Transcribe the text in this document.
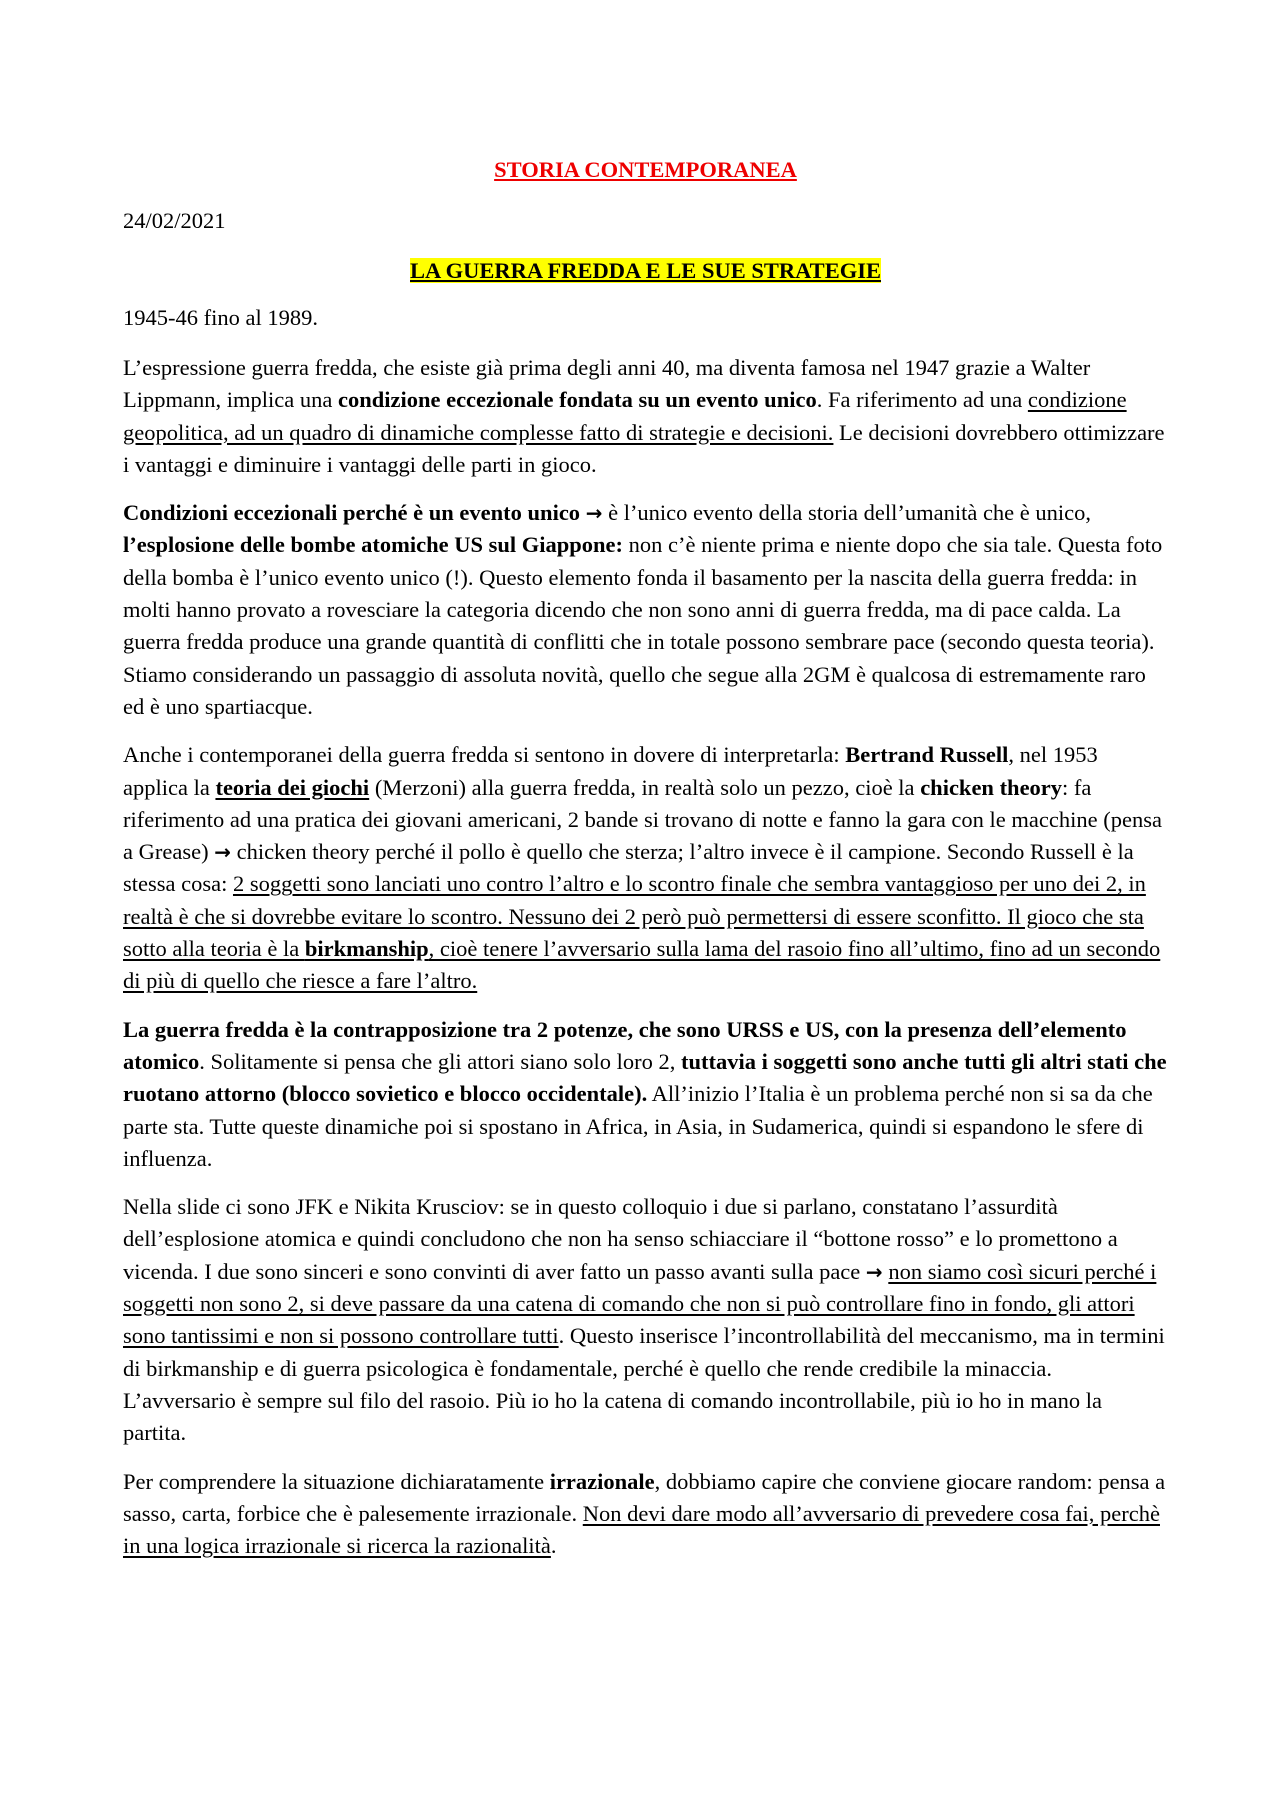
STORIA CONTEMPORANEA
24/02/2021
LA GUERRA FREDDA E LE SUE STRATEGIE
1945-46 fino al 1989.

L’espressione guerra fredda, che esiste già prima degli anni 40, ma diventa famosa nel 1947 grazie a Walter Lippmann, implica una condizione eccezionale fondata su un evento unico. Fa riferimento ad una condizione geopolitica, ad un quadro di dinamiche complesse fatto di strategie e decisioni. Le decisioni dovrebbero ottimizzare i vantaggi e diminuire i vantaggi delle parti in gioco.

Condizioni eccezionali perché è un evento unico → è l’unico evento della storia dell’umanità che è unico, l’esplosione delle bombe atomiche US sul Giappone: non c’è niente prima e niente dopo che sia tale. Questa foto della bomba è l’unico evento unico (!). Questo elemento fonda il basamento per la nascita della guerra fredda: in molti hanno provato a rovesciare la categoria dicendo che non sono anni di guerra fredda, ma di pace calda. La guerra fredda produce una grande quantità di conflitti che in totale possono sembrare pace (secondo questa teoria). Stiamo considerando un passaggio di assoluta novità, quello che segue alla 2GM è qualcosa di estremamente raro ed è uno spartiacque.

Anche i contemporanei della guerra fredda si sentono in dovere di interpretarla: Bertrand Russell, nel 1953 applica la teoria dei giochi (Merzoni) alla guerra fredda, in realtà solo un pezzo, cioè la chicken theory: fa riferimento ad una pratica dei giovani americani, 2 bande si trovano di notte e fanno la gara con le macchine (pensa a Grease) → chicken theory perché il pollo è quello che sterza; l’altro invece è il campione. Secondo Russell è la stessa cosa: 2 soggetti sono lanciati uno contro l’altro e lo scontro finale che sembra vantaggioso per uno dei 2, in realtà è che si dovrebbe evitare lo scontro. Nessuno dei 2 però può permettersi di essere sconfitto. Il gioco che sta sotto alla teoria è la birkmanship, cioè tenere l’avversario sulla lama del rasoio fino all’ultimo, fino ad un secondo di più di quello che riesce a fare l’altro.

La guerra fredda è la contrapposizione tra 2 potenze, che sono URSS e US, con la presenza dell’elemento atomico. Solitamente si pensa che gli attori siano solo loro 2, tuttavia i soggetti sono anche tutti gli altri stati che ruotano attorno (blocco sovietico e blocco occidentale). All’inizio l’Italia è un problema perché non si sa da che parte sta. Tutte queste dinamiche poi si spostano in Africa, in Asia, in Sudamerica, quindi si espandono le sfere di influenza.

Nella slide ci sono JFK e Nikita Krusciov: se in questo colloquio i due si parlano, constatano l’assurdità dell’esplosione atomica e quindi concludono che non ha senso schiacciare il “bottone rosso” e lo promettono a vicenda. I due sono sinceri e sono convinti di aver fatto un passo avanti sulla pace → non siamo così sicuri perché i soggetti non sono 2, si deve passare da una catena di comando che non si può controllare fino in fondo, gli attori sono tantissimi e non si possono controllare tutti. Questo inserisce l’incontrollabilità del meccanismo, ma in termini di birkmanship e di guerra psicologica è fondamentale, perché è quello che rende credibile la minaccia. L’avversario è sempre sul filo del rasoio. Più io ho la catena di comando incontrollabile, più io ho in mano la partita.

Per comprendere la situazione dichiaratamente irrazionale, dobbiamo capire che conviene giocare random: pensa a sasso, carta, forbice che è palesemente irrazionale. Non devi dare modo all’avversario di prevedere cosa fai, perchè in una logica irrazionale si ricerca la razionalità.
